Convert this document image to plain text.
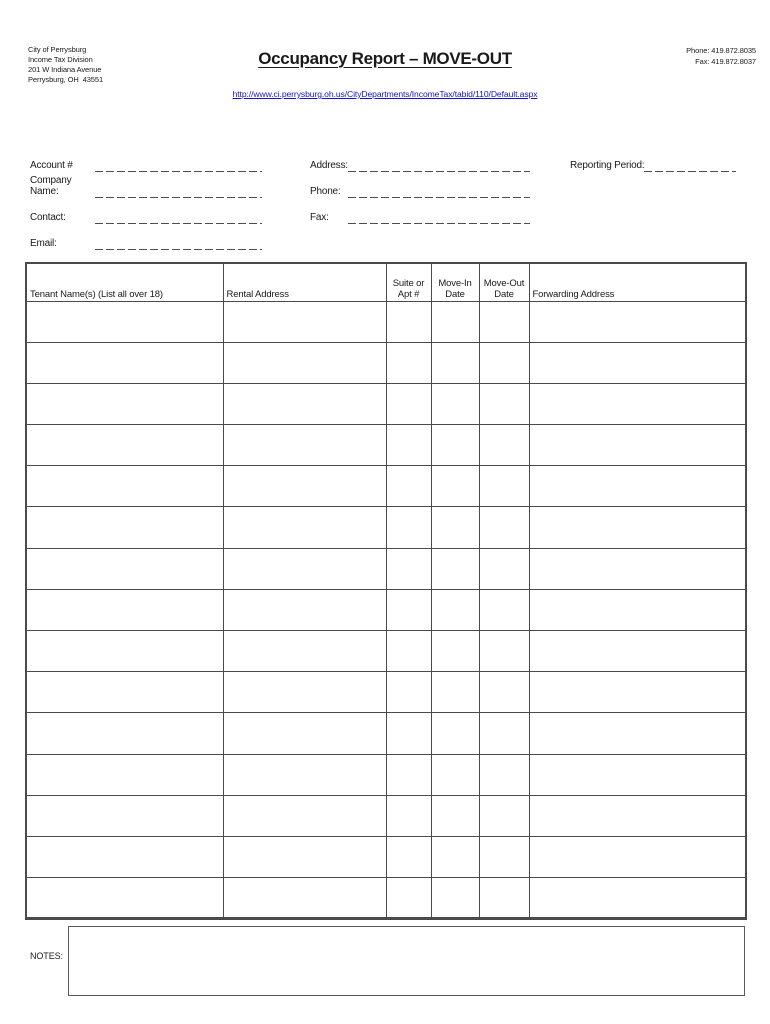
City of Perrysburg
Income Tax Division
201 W Indiana Avenue
Perrysburg, OH  43551
Occupancy Report – MOVE-OUT
http://www.ci.perrysburg.oh.us/CityDepartments/IncomeTax/tabid/110/Default.aspx
Phone: 419.872.8035
Fax: 419.872.8037
Account #
Company Name:
Contact:
Email:
Address:
Phone:
Fax:
Reporting Period:
Tenant Name(s) (List all over 18)	Rental Address	Suite or Apt #	Move-In Date	Move-Out Date	Forwarding Address

NOTES:
